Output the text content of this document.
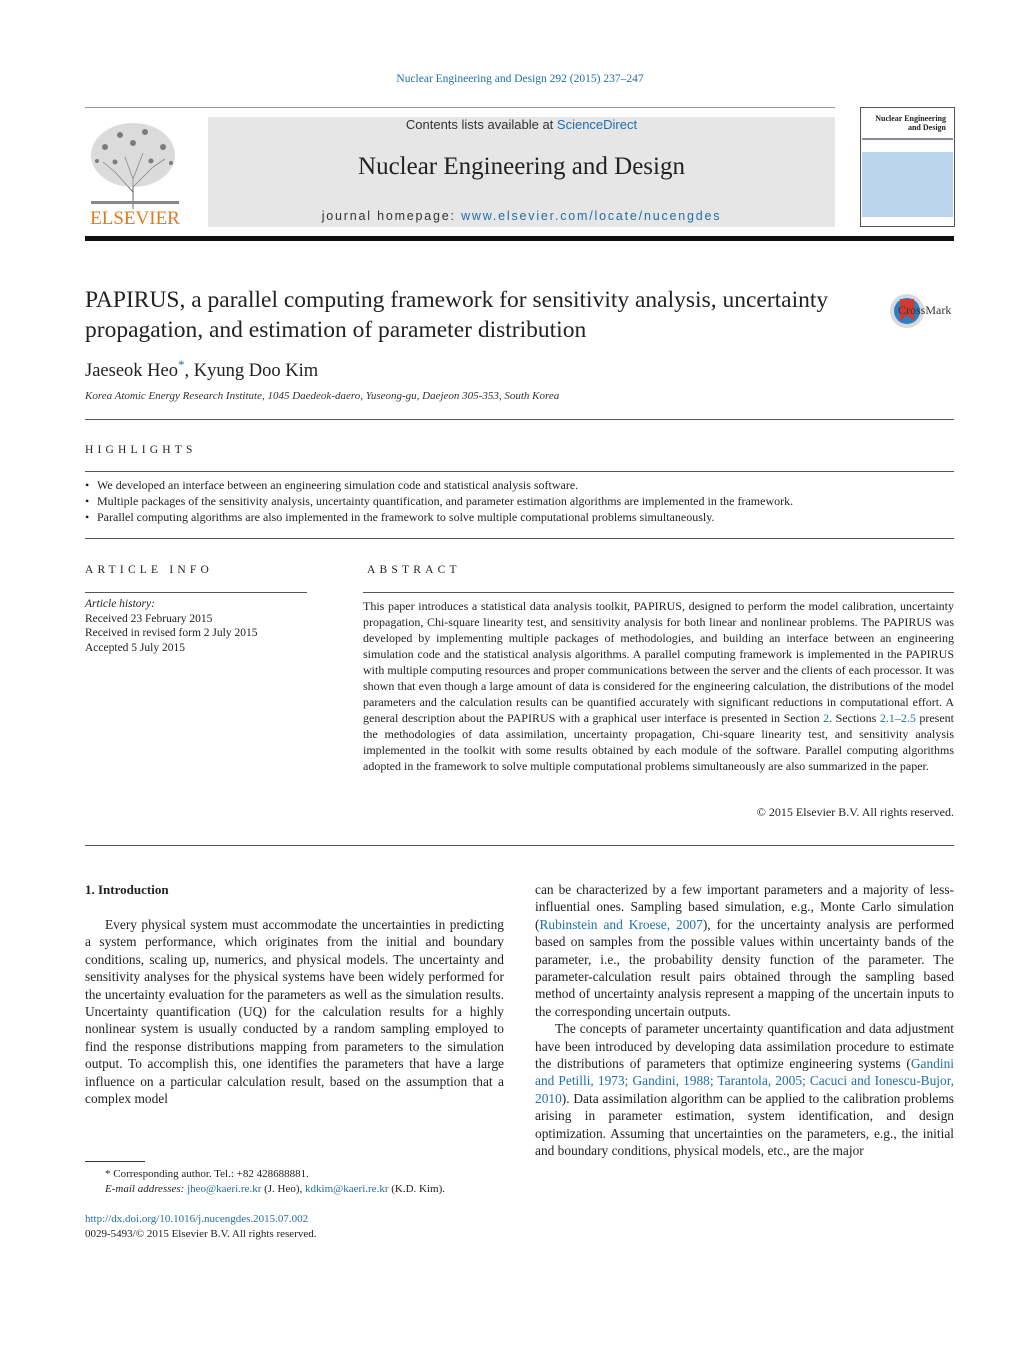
Nuclear Engineering and Design 292 (2015) 237–247
ELSEVIER
Contents lists available at ScienceDirect
Nuclear Engineering and Design
journal homepage: www.elsevier.com/locate/nucengdes
Nuclear Engineering
and Design
PAPIRUS, a parallel computing framework for sensitivity analysis, uncertainty propagation, and estimation of parameter distribution
CrossMark
Jaeseok Heo*, Kyung Doo Kim
Korea Atomic Energy Research Institute, 1045 Daedeok-daero, Yuseong-gu, Daejeon 305-353, South Korea
HIGHLIGHTS
• We developed an interface between an engineering simulation code and statistical analysis software.
• Multiple packages of the sensitivity analysis, uncertainty quantification, and parameter estimation algorithms are implemented in the framework.
• Parallel computing algorithms are also implemented in the framework to solve multiple computational problems simultaneously.
ARTICLE INFO
Article history:
Received 23 February 2015
Received in revised form 2 July 2015
Accepted 5 July 2015
ABSTRACT
This paper introduces a statistical data analysis toolkit, PAPIRUS, designed to perform the model calibration, uncertainty propagation, Chi-square linearity test, and sensitivity analysis for both linear and nonlinear problems. The PAPIRUS was developed by implementing multiple packages of methodologies, and building an interface between an engineering simulation code and the statistical analysis algorithms. A parallel computing framework is implemented in the PAPIRUS with multiple computing resources and proper communications between the server and the clients of each processor. It was shown that even though a large amount of data is considered for the engineering calculation, the distributions of the model parameters and the calculation results can be quantified accurately with significant reductions in computational effort. A general description about the PAPIRUS with a graphical user interface is presented in Section 2. Sections 2.1–2.5 present the methodologies of data assimilation, uncertainty propagation, Chi-square linearity test, and sensitivity analysis implemented in the toolkit with some results obtained by each module of the software. Parallel computing algorithms adopted in the framework to solve multiple computational problems simultaneously are also summarized in the paper.
© 2015 Elsevier B.V. All rights reserved.
1. Introduction
Every physical system must accommodate the uncertainties in predicting a system performance, which originates from the initial and boundary conditions, scaling up, numerics, and physical models. The uncertainty and sensitivity analyses for the physical systems have been widely performed for the uncertainty evaluation for the parameters as well as the simulation results. Uncertainty quantification (UQ) for the calculation results for a highly nonlinear system is usually conducted by a random sampling employed to find the response distributions mapping from parameters to the simulation output. To accomplish this, one identifies the parameters that have a large influence on a particular calculation result, based on the assumption that a complex model
can be characterized by a few important parameters and a majority of less-influential ones. Sampling based simulation, e.g., Monte Carlo simulation (Rubinstein and Kroese, 2007), for the uncertainty analysis are performed based on samples from the possible values within uncertainty bands of the parameter, i.e., the probability density function of the parameter. The parameter-calculation result pairs obtained through the sampling based method of uncertainty analysis represent a mapping of the uncertain inputs to the corresponding uncertain outputs.
The concepts of parameter uncertainty quantification and data adjustment have been introduced by developing data assimilation procedure to estimate the distributions of parameters that optimize engineering systems (Gandini and Petilli, 1973; Gandini, 1988; Tarantola, 2005; Cacuci and Ionescu-Bujor, 2010). Data assimilation algorithm can be applied to the calibration problems arising in parameter estimation, system identification, and design optimization. Assuming that uncertainties on the parameters, e.g., the initial and boundary conditions, physical models, etc., are the major
* Corresponding author. Tel.: +82 428688881.
E-mail addresses: jheo@kaeri.re.kr (J. Heo), kdkim@kaeri.re.kr (K.D. Kim).
http://dx.doi.org/10.1016/j.nucengdes.2015.07.002
0029-5493/© 2015 Elsevier B.V. All rights reserved.
